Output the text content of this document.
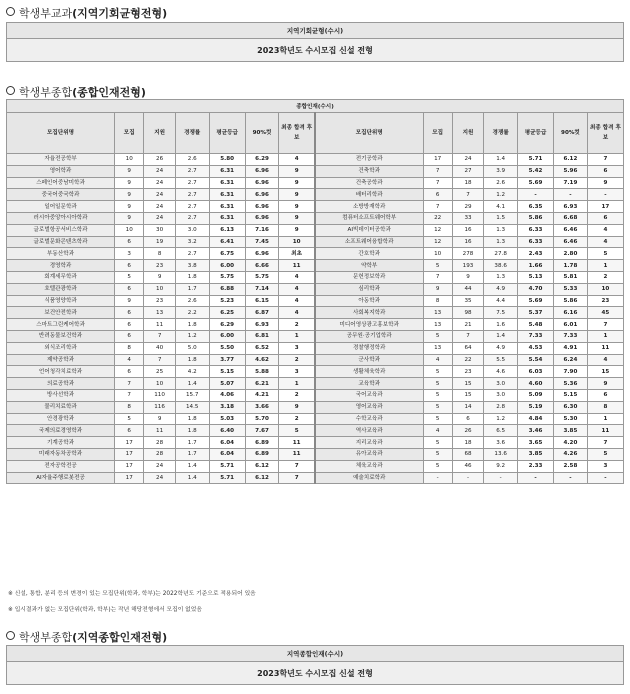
학생부교과(지역기회균형전형)
지역기회균형(수시)
2023학년도 수시모집 신설 전형
학생부종합(종합인재전형)
종합인재(수시)													
모집단위명	모집	지원	경쟁률	평균등급	90%컷	최종 합격 후보	모집단위명	모집	지원	경쟁률	평균등급	90%컷	최종 합격 후보
자율전공학부	10	26	2.6	5.80	6.29	4	전기공학과	17	24	1.4	5.71	6.12	7
영어학과	9	24	2.7	6.31	6.96	9	건축학과	7	27	3.9	5.42	5.96	6
스페인어중남미학과	9	24	2.7	6.31	6.96	9	건축공학과	7	18	2.6	5.69	7.19	9
중국어중국학과	9	24	2.7	6.31	6.96	9	배터리학과	6	7	1.2	-	-	-
일어일문학과	9	24	2.7	6.31	6.96	9	소방방재학과	7	29	4.1	6.35	6.93	17
러시아중앙아시아학과	9	24	2.7	6.31	6.96	9	컴퓨터소프트웨어학부	22	33	1.5	5.86	6.68	6
글로벌항공서비스학과	10	30	3.0	6.13	7.16	9	AI빅데이터공학과	12	16	1.3	6.33	6.46	4
글로벌문화콘텐츠학과	6	19	3.2	6.41	7.45	10	소프트웨어융합학과	12	16	1.3	6.33	6.46	4
부동산학과	3	8	2.7	6.75	6.96	최초	간호학과	10	278	27.8	2.43	2.80	5
경영학과	6	23	3.8	6.00	6.66	11	약학부	5	193	38.6	1.66	1.78	1
회계세무학과	5	9	1.8	5.75	5.75	4	문헌정보학과	7	9	1.3	5.13	5.81	2
호텔관광학과	6	10	1.7	6.88	7.14	4	심리학과	9	44	4.9	4.70	5.33	10
식품영양학과	9	23	2.6	5.23	6.15	4	아동학과	8	35	4.4	5.69	5.86	23
보건안전학과	6	13	2.2	6.25	6.87	4	사회복지학과	13	98	7.5	5.37	6.16	45
스마트그린케어학과	6	11	1.8	6.29	6.93	2	미디어영상광고홍보학과	13	21	1.6	5.48	6.01	7
반려동물보건학과	6	7	1.2	6.00	6.81	1	공무원·공기업학과	5	7	1.4	7.33	7.33	1
외식조리학과	8	40	5.0	5.50	6.52	3	경찰행정학과	13	64	4.9	4.53	4.91	11
제약공학과	4	7	1.8	3.77	4.62	2	군사학과	4	22	5.5	5.54	6.24	4
언어청각치료학과	6	25	4.2	5.15	5.88	3	생활체육학과	5	23	4.6	6.03	7.90	15
의료공학과	7	10	1.4	5.07	6.21	1	교육학과	5	15	3.0	4.60	5.36	9
방사선학과	7	110	15.7	4.06	4.21	2	국어교육과	5	15	3.0	5.09	5.15	6
물리치료학과	8	116	14.5	3.18	3.66	9	영어교육과	5	14	2.8	5.19	6.30	8
안경광학과	5	9	1.8	5.03	5.70	2	수학교육과	5	6	1.2	4.84	5.30	1
국제의료경영학과	6	11	1.8	6.40	7.67	5	역사교육과	4	26	6.5	3.46	3.85	11
기계공학과	17	28	1.7	6.04	6.89	11	지리교육과	5	18	3.6	3.65	4.20	7
미래자동차공학과	17	28	1.7	6.04	6.89	11	유아교육과	5	68	13.6	3.85	4.26	5
전자공학전공	17	24	1.4	5.71	6.12	7	체육교육과	5	46	9.2	2.33	2.58	3
AI자율주행로봇전공	17	24	1.4	5.71	6.12	7	예술치료학과	-	-	-	-	-	-
※ 신설, 통합, 분리 등의 변경이 있는 모집단위(학과, 학부)는 2022학년도 기준으로 적용되어 있음
※ 입시결과가 없는 모집단위(학과, 학부)는 작년 해당전형에서 모집이 없었음
학생부종합(지역종합인재전형)
지역종합인재(수시)
2023학년도 수시모집 신설 전형
